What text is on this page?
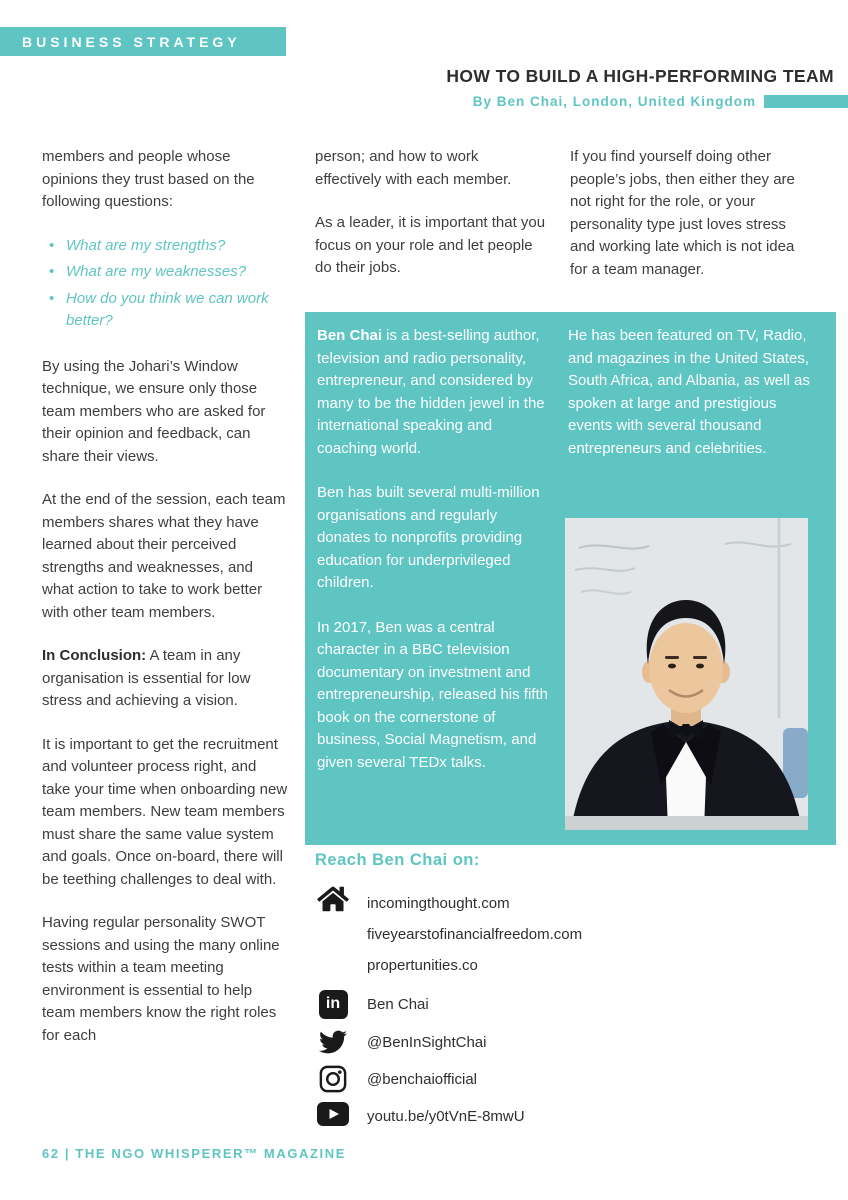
BUSINESS STRATEGY
HOW TO BUILD A HIGH-PERFORMING TEAM
By Ben Chai, London, United Kingdom

members and people whose opinions they trust based on the following questions:

• What are my strengths?
• What are my weaknesses?
• How do you think we can work better?

By using the Johari’s Window technique, we ensure only those team members who are asked for their opinion and feedback, can share their views.

At the end of the session, each team members shares what they have learned about their perceived strengths and weaknesses, and what action to take to work better with other team members.

In Conclusion: A team in any organisation is essential for low stress and achieving a vision.

It is important to get the recruitment and volunteer process right, and take your time when onboarding new team members. New team members must share the same value system and goals. Once on-board, there will be teething challenges to deal with.

Having regular personality SWOT sessions and using the many online tests within a team meeting environment is essential to help team members know the right roles for each

person; and how to work effectively with each member.

As a leader, it is important that you focus on your role and let people do their jobs.

If you find yourself doing other people’s jobs, then either they are not right for the role, or your personality type just loves stress and working late which is not idea for a team manager.

Ben Chai is a best-selling author, television and radio personality, entrepreneur, and considered by many to be the hidden jewel in the international speaking and coaching world.

Ben has built several multi-million organisations and regularly donates to nonprofits providing education for underprivileged children.

In 2017, Ben was a central character in a BBC television documentary on investment and entrepreneurship, released his fifth book on the cornerstone of business, Social Magnetism, and given several TEDx talks.

He has been featured on TV, Radio, and magazines in the United States, South Africa, and Albania, as well as spoken at large and prestigious events with several thousand entrepreneurs and celebrities.

Reach Ben Chai on:
incomingthought.com
fiveyearstofinancialfreedom.com
propertunities.co
in	Ben Chai
@BenInSightChai
@benchaiofficial
youtu.be/y0tVnE-8mwU
62 | THE NGO WHISPERER™ MAGAZINE
